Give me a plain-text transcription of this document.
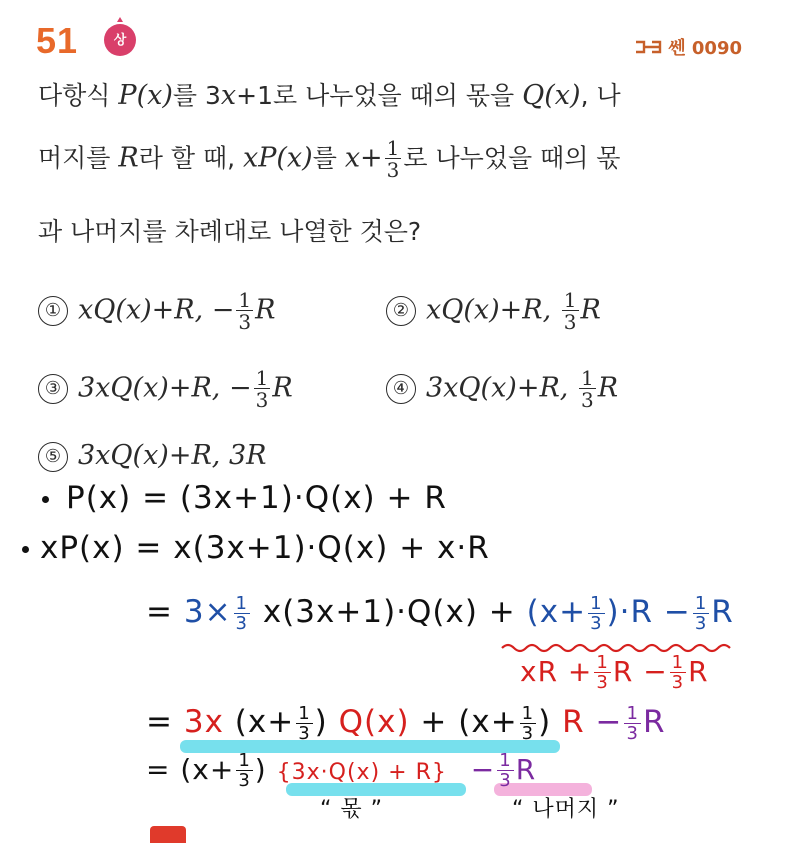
51	상	쎈 0090
다항식 P(x)를 3x+1로 나누었을 때의 몫을 Q(x), 나
머지를 R라 할 때, xP(x)를 $x+ \frac{1}{3}$ 로 나누었을 때의 몫
과 나머지를 차례대로 나열한 것은?
① xQ(x)+R, − $\frac{1}{3}$ R	② xQ(x)+R, $\frac{1}{3}$ R
③ 3xQ(x)+R, − $\frac{1}{3}$ R	④ 3xQ(x)+R, $\frac{1}{3}$ R
⑤ 3xQ(x)+R, 3R
P(x) = (3x+1)·Q(x) + R
xP(x) = x(3x+1)·Q(x) + x·R
= $3\times \frac{1}{3} x(3x+1)\cdot Q(x) + (x+ \frac{1}{3} )\cdot R - \frac{1}{3}$ R
xR + $\frac{1}{3}$ $R - \frac{1}{3}$ R
= 3x ($x+ \frac{1}{3}$ ) $Q(x) + (x+ \frac{1}{3}$ ) $R - \frac{1}{3}$ R
= ($x+ \frac{1}{3}$ ) $\{3x\cdot Q(x) + R\} - \frac{1}{3}$ R
“ 몫 ”	“ 나머지 ”
